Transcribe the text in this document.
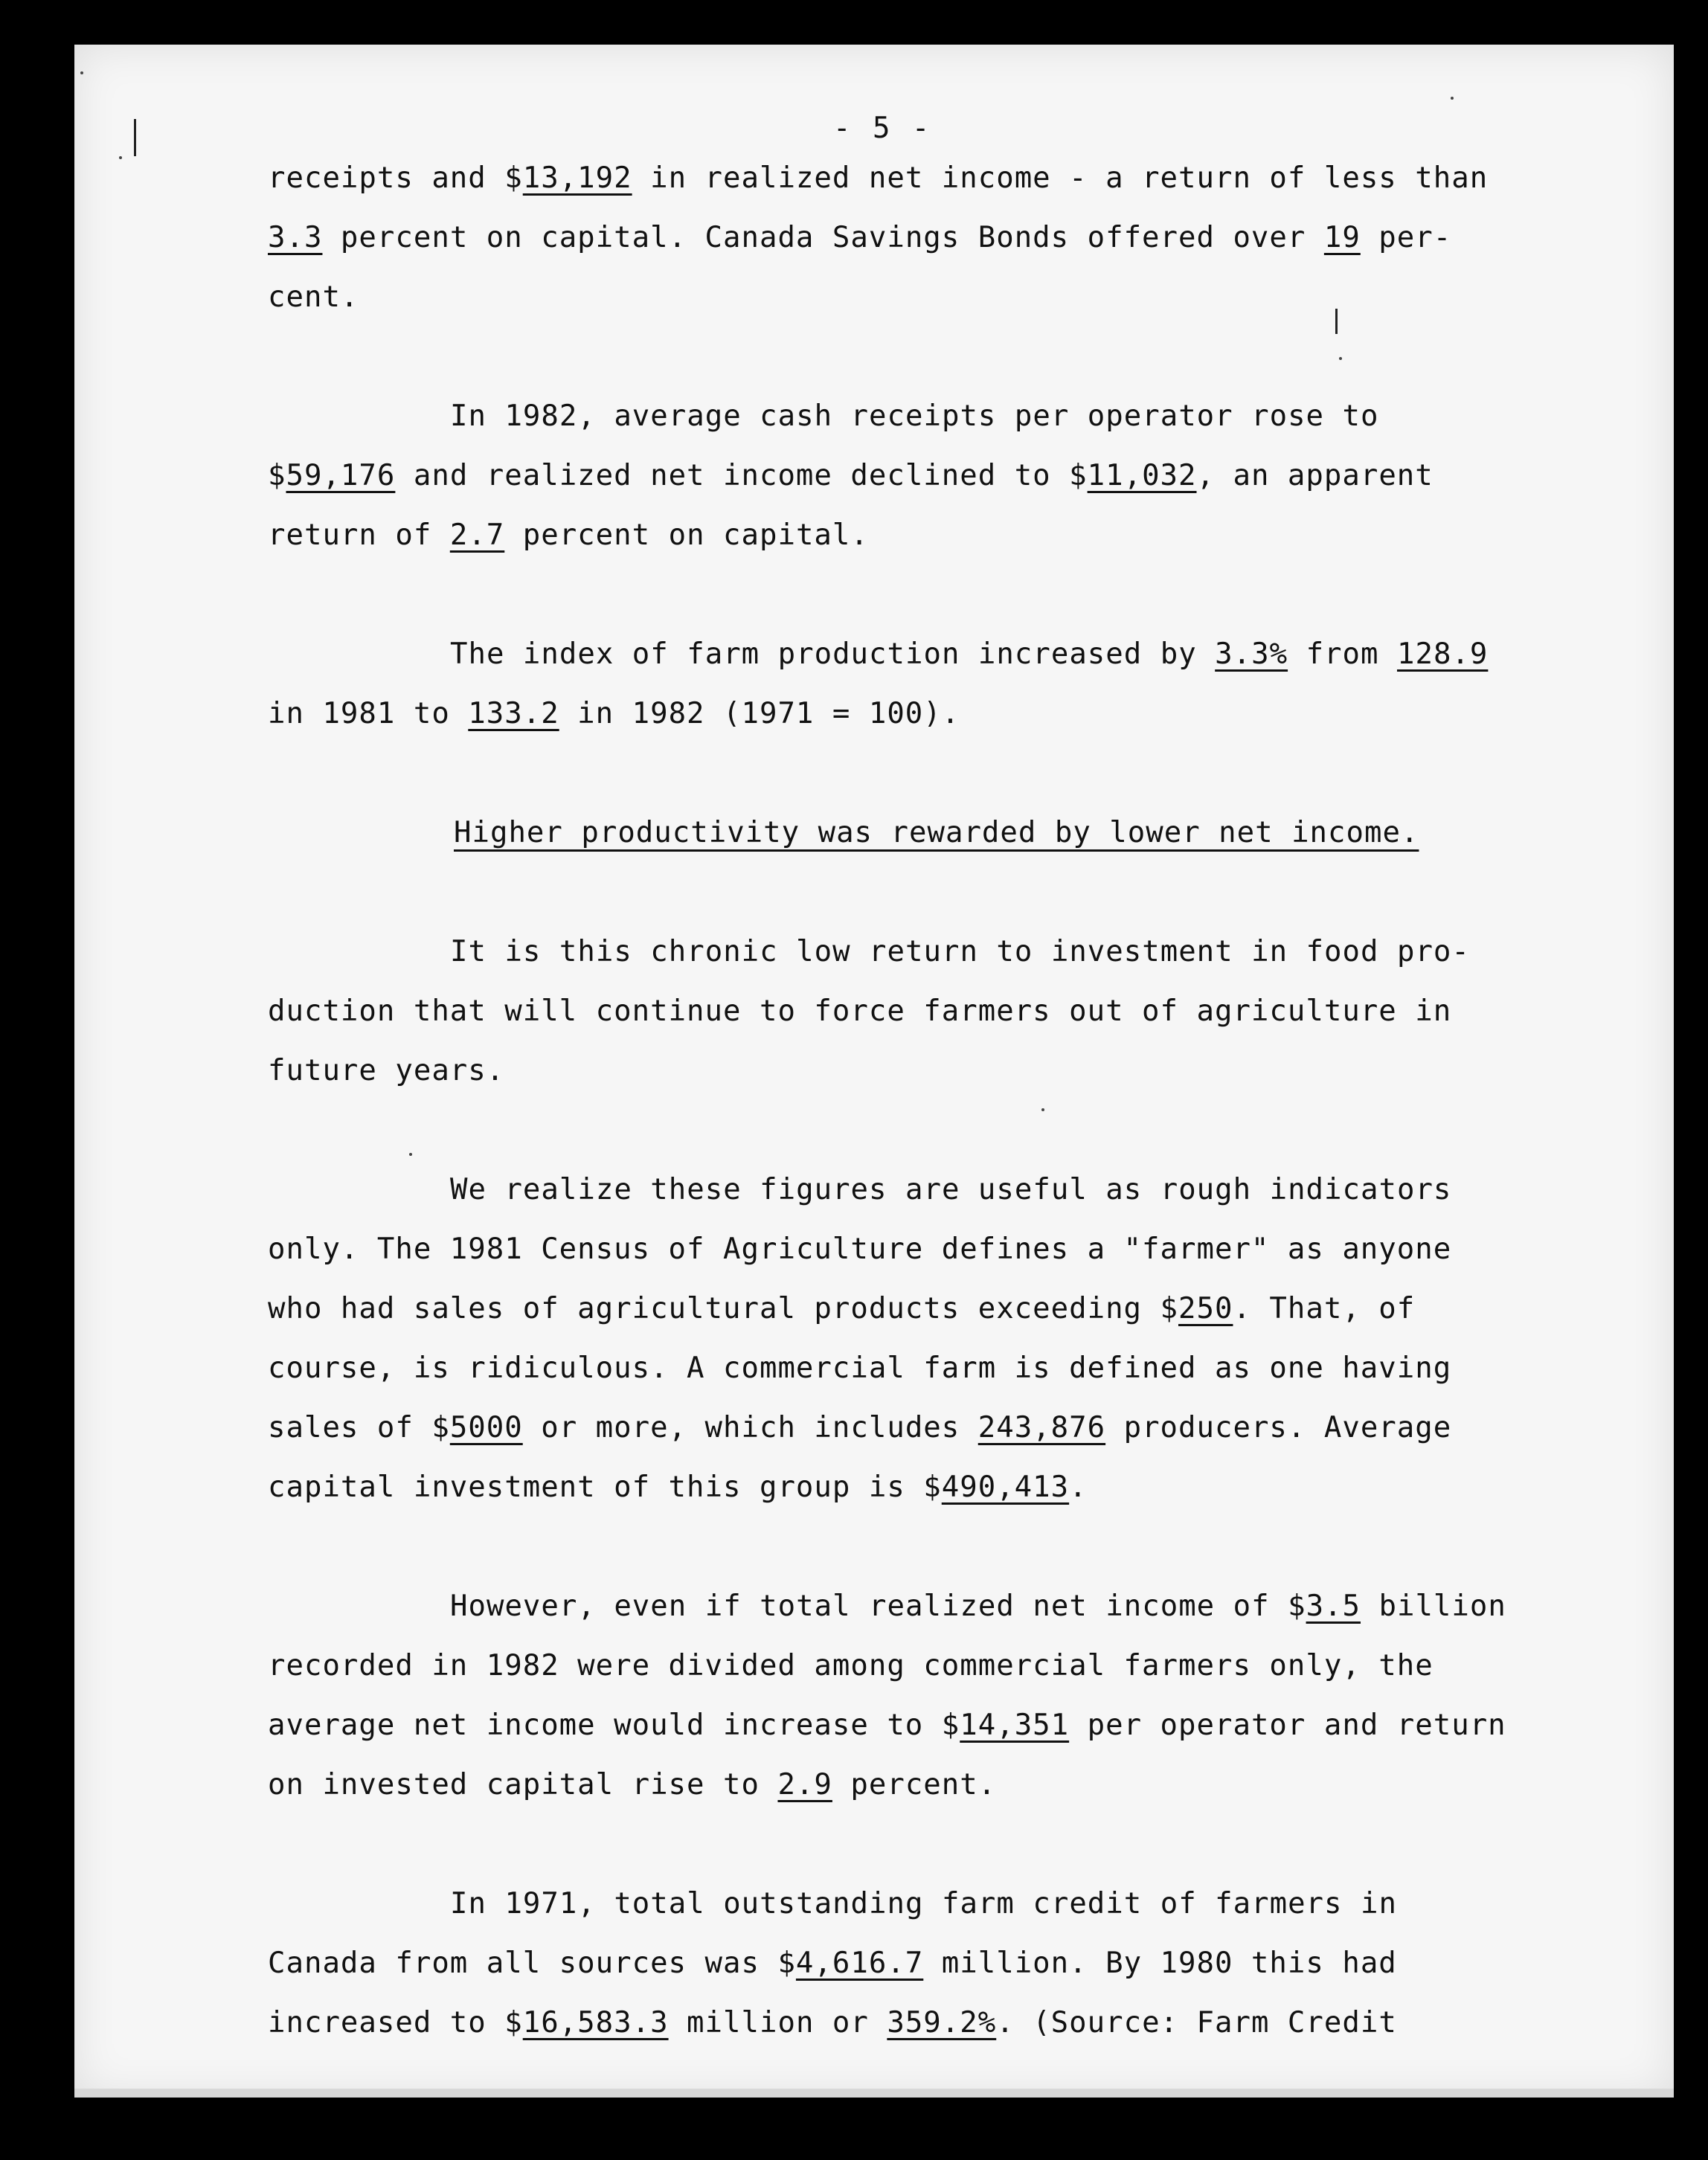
- 5 -
receipts and $13,192 in realized net income - a return of less than
3.3 percent on capital. Canada Savings Bonds offered over 19 per-
cent.
In 1982, average cash receipts per operator rose to
$59,176 and realized net income declined to $11,032, an apparent
return of 2.7 percent on capital.
The index of farm production increased by 3.3% from 128.9
in 1981 to 133.2 in 1982 (1971 = 100).
Higher productivity was rewarded by lower net income.
It is this chronic low return to investment in food pro-
duction that will continue to force farmers out of agriculture in
future years.
We realize these figures are useful as rough indicators
only. The 1981 Census of Agriculture defines a "farmer" as anyone
who had sales of agricultural products exceeding $250. That, of
course, is ridiculous. A commercial farm is defined as one having
sales of $5000 or more, which includes 243,876 producers. Average
capital investment of this group is $490,413.
However, even if total realized net income of $3.5 billion
recorded in 1982 were divided among commercial farmers only, the
average net income would increase to $14,351 per operator and return
on invested capital rise to 2.9 percent.
In 1971, total outstanding farm credit of farmers in
Canada from all sources was $4,616.7 million. By 1980 this had
increased to $16,583.3 million or 359.2%. (Source: Farm Credit
